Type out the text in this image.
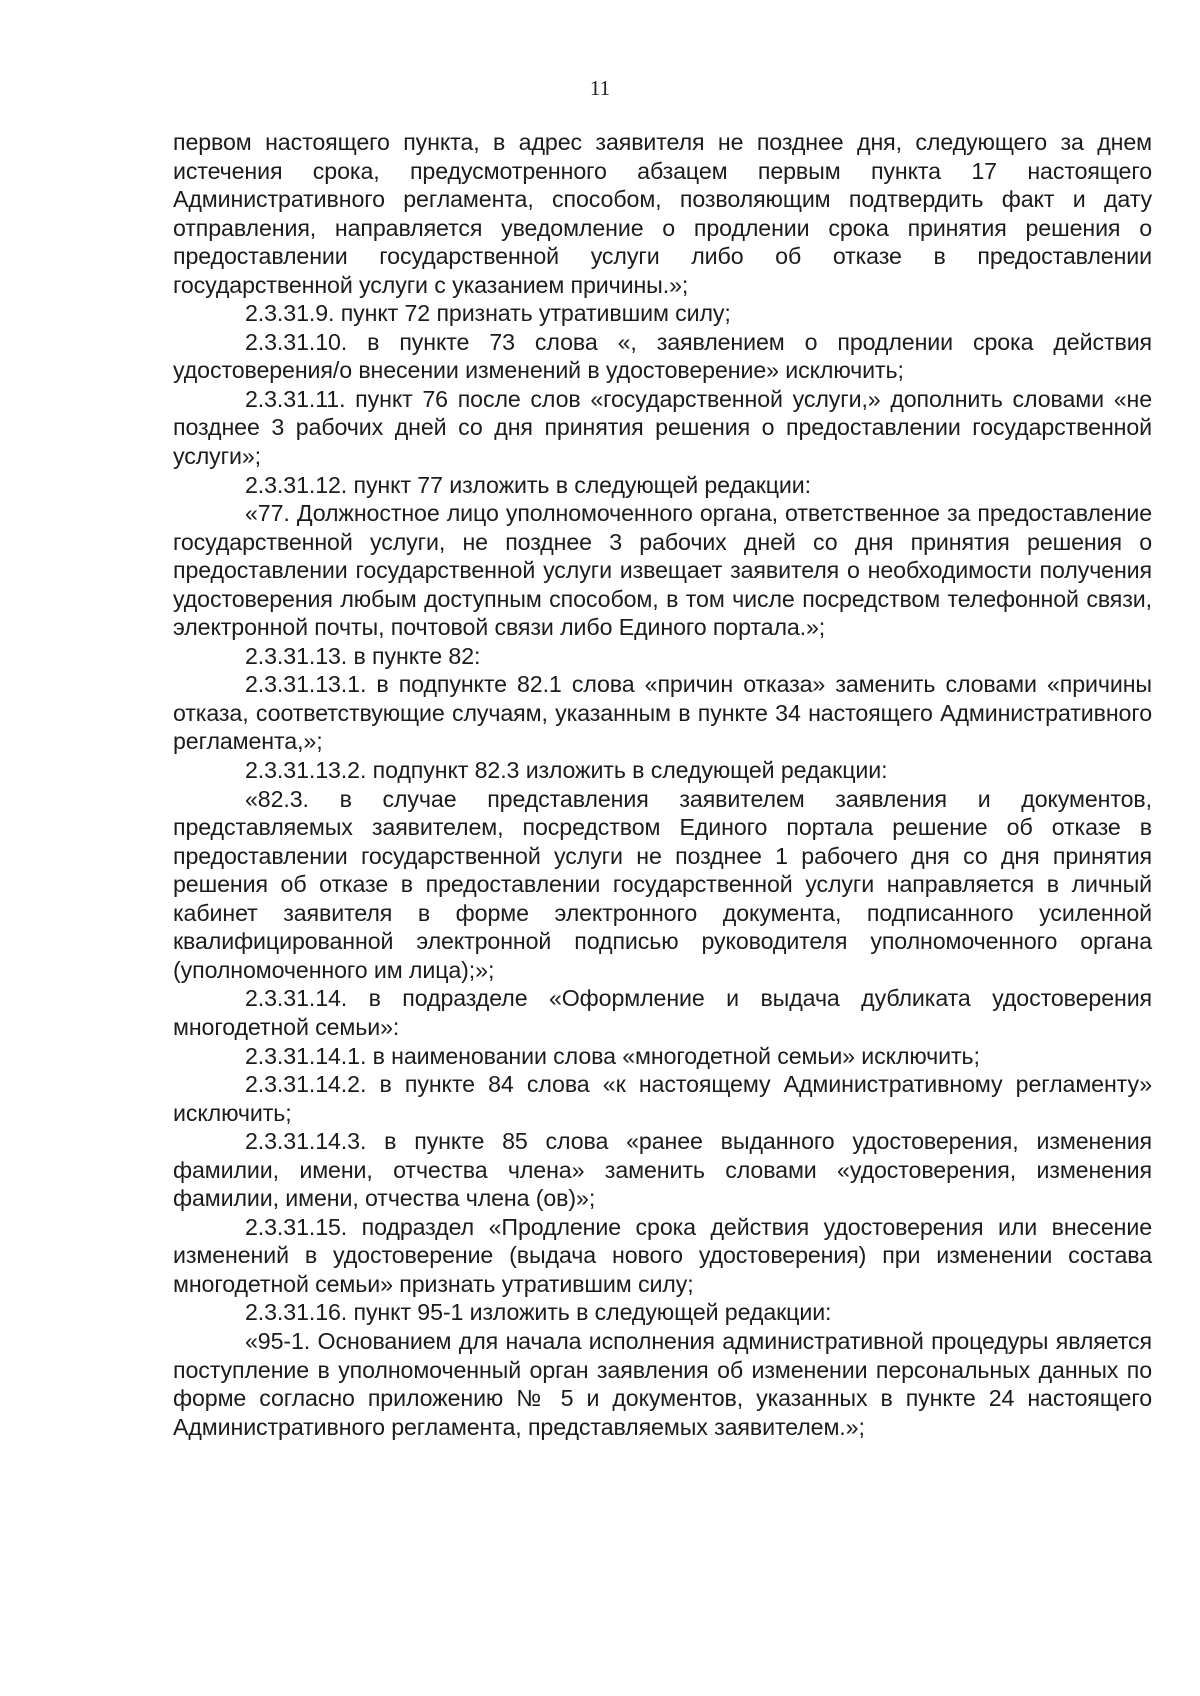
11

первом настоящего пункта, в адрес заявителя не позднее дня, следующего за днем истечения срока, предусмотренного абзацем первым пункта 17 настоящего Административного регламента, способом, позволяющим подтвердить факт и дату отправления, направляется уведомление о продлении срока принятия решения о предоставлении государственной услуги либо об отказе в предоставлении государственной услуги с указанием причины.»;

2.3.31.9. пункт 72 признать утратившим силу;

2.3.31.10. в пункте 73 слова «, заявлением о продлении срока действия удостоверения/о внесении изменений в удостоверение» исключить;

2.3.31.11. пункт 76 после слов «государственной услуги,» дополнить словами «не позднее 3 рабочих дней со дня принятия решения о предоставлении государственной услуги»;

2.3.31.12. пункт 77 изложить в следующей редакции:

«77. Должностное лицо уполномоченного органа, ответственное за предоставление государственной услуги, не позднее 3 рабочих дней со дня принятия решения о предоставлении государственной услуги извещает заявителя о необходимости получения удостоверения любым доступным способом, в том числе посредством телефонной связи, электронной почты, почтовой связи либо Единого портала.»;

2.3.31.13. в пункте 82:

2.3.31.13.1. в подпункте 82.1 слова «причин отказа» заменить словами «причины отказа, соответствующие случаям, указанным в пункте 34 настоящего Административного регламента,»;

2.3.31.13.2. подпункт 82.3 изложить в следующей редакции:

«82.3. в случае представления заявителем заявления и документов, представляемых заявителем, посредством Единого портала решение об отказе в предоставлении государственной услуги не позднее 1 рабочего дня со дня принятия решения об отказе в предоставлении государственной услуги направляется в личный кабинет заявителя в форме электронного документа, подписанного усиленной квалифицированной электронной подписью руководителя уполномоченного органа (уполномоченного им лица);»;

2.3.31.14. в подразделе «Оформление и выдача дубликата удостоверения многодетной семьи»:

2.3.31.14.1. в наименовании слова «многодетной семьи» исключить;

2.3.31.14.2. в пункте 84 слова «к настоящему Административному регламенту» исключить;

2.3.31.14.3. в пункте 85 слова «ранее выданного удостоверения, изменения фамилии, имени, отчества члена» заменить словами «удостоверения, изменения фамилии, имени, отчества члена (ов)»;

2.3.31.15. подраздел «Продление срока действия удостоверения или внесение изменений в удостоверение (выдача нового удостоверения) при изменении состава многодетной семьи» признать утратившим силу;

2.3.31.16. пункт 95-1 изложить в следующей редакции:

«95-1. Основанием для начала исполнения административной процедуры является поступление в уполномоченный орган заявления об изменении персональных данных по форме согласно приложению № 5 и документов, указанных в пункте 24 настоящего Административного регламента, представляемых заявителем.»;
